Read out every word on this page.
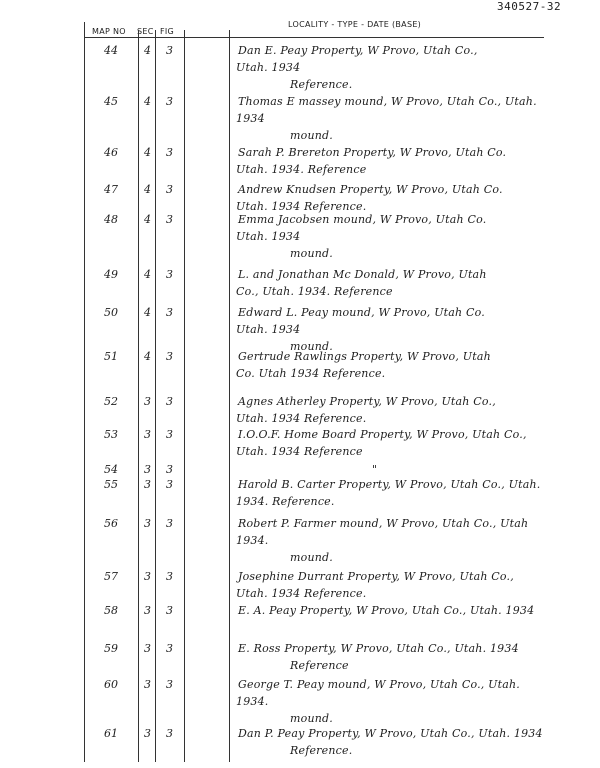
340527-32
MAP NO SEC FIG
LOCALITY - TYPE - DATE (BASE)
44 4 3	Dan E. Peay Property, W Provo, Utah Co.,
Utah. 1934
Reference.
45 4 3	Thomas E massey mound, W Provo, Utah Co., Utah.
1934
mound.
46 4 3	Sarah P. Brereton Property, W Provo, Utah Co.
Utah. 1934. Reference
47 4 3	Andrew Knudsen Property, W Provo, Utah Co.
Utah. 1934 Reference.
48 4 3	Emma Jacobsen mound, W Provo, Utah Co.
Utah. 1934
mound.
49 4 3	L. and Jonathan Mc Donald, W Provo, Utah
Co., Utah. 1934. Reference
50 4 3	Edward L. Peay mound, W Provo, Utah Co.
Utah. 1934
mound.
51 4 3	Gertrude Rawlings Property, W Provo, Utah
Co. Utah 1934 Reference.
52 3 3	Agnes Atherley Property, W Provo, Utah Co.,
Utah. 1934 Reference.
53 3 3	I.O.O.F. Home Board Property, W Provo, Utah Co.,
Utah. 1934 Reference
54 3 3	"
55 3 3	Harold B. Carter Property, W Provo, Utah Co., Utah.
1934. Reference.
56 3 3	Robert P. Farmer mound, W Provo, Utah Co., Utah
1934.
mound.
57 3 3	Josephine Durrant Property, W Provo, Utah Co.,
Utah. 1934 Reference.
58 3 3	E. A. Peay Property, W Provo, Utah Co., Utah. 1934
59 3 3	E. Ross Property, W Provo, Utah Co., Utah. 1934
Reference
60 3 3	George T. Peay mound, W Provo, Utah Co., Utah.
1934.
mound.
61 3 3	Dan P. Peay Property, W Provo, Utah Co., Utah. 1934
Reference.
